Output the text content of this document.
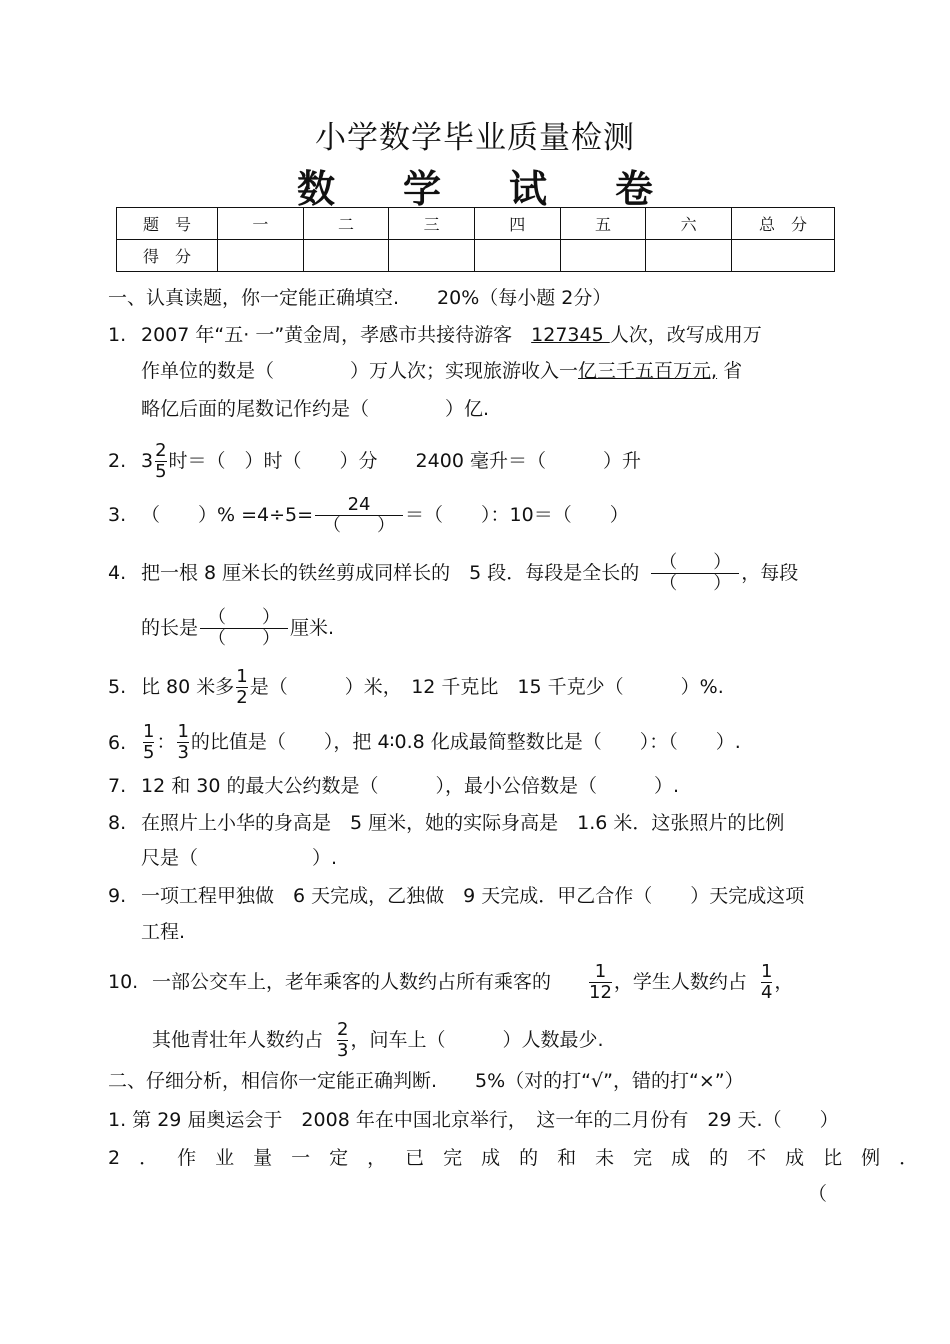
小学数学毕业质量检测
数 学 试 卷
题　号	一	二	三	四	五	六	总　分
得　分							
一、认真读题，你一定能正确填空.　　20%（每小题 2分）
1. 2007 年“五· 一”黄金周，孝感市共接待游客　127345 人次，改写成用万
作单位的数是（　　　　）万人次；实现旅游收入一亿三千五百万元, 省
略亿后面的尾数记作约是（　　　　）亿.
2. $3 \frac{2}{5}$ 时＝（　）时（　　）分　　2400 毫升＝（　　　）升
3. （　　）% $=4\div 5= \frac{24}{( )}$ ＝（　　）：10＝（　　）
4. 把一根 8 厘米长的铁丝剪成同样长的　5 段．每段是全长的 $\frac{( )}{( )}$ ，每段
的长是 $\frac{( )}{( )}$ 厘米.
5. 比 80 米多 $\frac{1}{2}$ 是（　　　）米，　12 千克比　15 千克少（　　　）%.
6. $\frac{1}{5}$ ： $\frac{1}{3}$ 的比值是（　　），把 4∶0.8 化成最简整数比是（　　）：（　　）.
7. 12 和 30 的最大公约数是（　　　），最小公倍数是（　　　）.
8. 在照片上小华的身高是　5 厘米，她的实际身高是　1.6 米．这张照片的比例
尺是（　　　　　　）.
9. 一项工程甲独做　6 天完成，乙独做　9 天完成．甲乙合作（　　）天完成这项
工程.
10. 一部公交车上，老年乘客的人数约占所有乘客的 $\frac{1}{12}$ ，学生人数约占 $\frac{1}{4}$ ，
其他青壮年人数约占 $\frac{2}{3}$ ，问车上（　　　）人数最少.
二、仔细分析，相信你一定能正确判断.　　5%（对的打“√”，错的打“×”）
1. 第 29 届奥运会于　2008 年在中国北京举行，　这一年的二月份有　29 天.（　　）
2．作业量一定，已完成的和未完成的不成比例．
（
